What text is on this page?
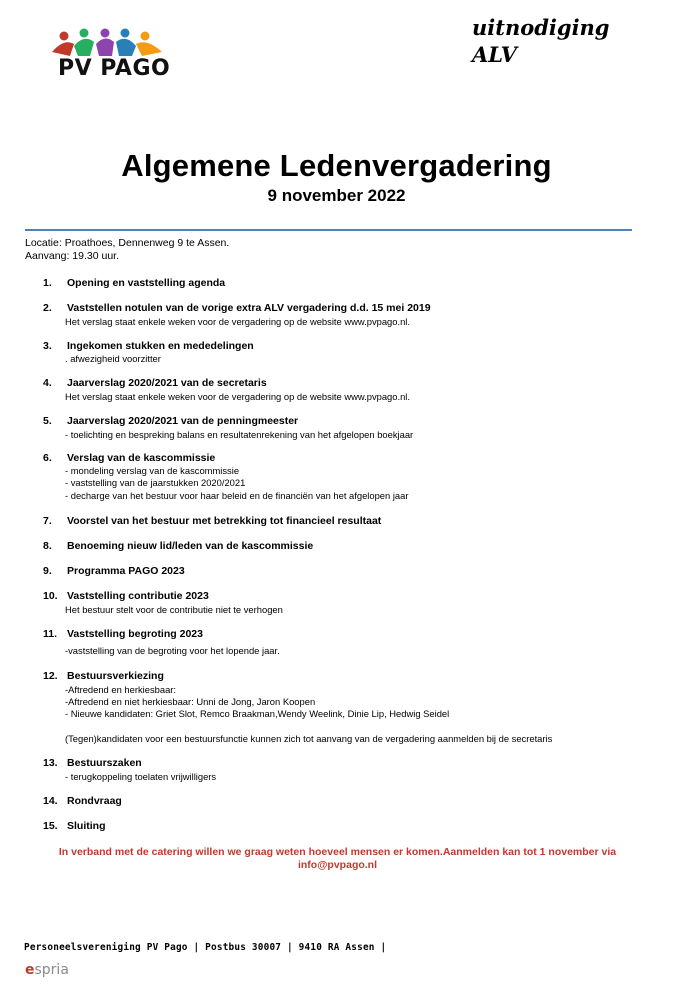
PV PAGO
uitnodiging
ALV
Algemene Ledenvergadering
9 november 2022
Locatie: Proathoes, Dennenweg 9 te Assen.
Aanvang: 19.30 uur.
1.	Opening en vaststelling agenda
2.	Vaststellen notulen van de vorige extra ALV vergadering d.d. 15 mei 2019
Het verslag staat enkele weken voor de vergadering op de website www.pvpago.nl.
3.	Ingekomen stukken en mededelingen
. afwezigheid voorzitter
4.	Jaarverslag 2020/2021 van de secretaris
Het verslag staat enkele weken voor de vergadering op de website www.pvpago.nl.
5.	Jaarverslag 2020/2021 van de penningmeester
- toelichting en bespreking balans en resultatenrekening van het afgelopen boekjaar
6.	Verslag van de kascommissie
- mondeling verslag van de kascommissie
- vaststelling van de jaarstukken 2020/2021
- decharge van het bestuur voor haar beleid en de financiën van het afgelopen jaar
7.	Voorstel van het bestuur met betrekking tot financieel resultaat
8.	Benoeming nieuw lid/leden van de kascommissie
9.	Programma PAGO 2023
10. Vaststelling contributie 2023
Het bestuur stelt voor de contributie niet te verhogen
11. Vaststelling begroting 2023
-vaststelling van de begroting voor het lopende jaar.
12. Bestuursverkiezing
-Aftredend en herkiesbaar:
-Aftredend en niet herkiesbaar: Unni de Jong, Jaron Koopen
- Nieuwe kandidaten: Griet Slot, Remco Braakman,Wendy Weelink, Dinie Lip, Hedwig Seidel
(Tegen)kandidaten voor een bestuursfunctie kunnen zich tot aanvang van de vergadering aanmelden bij de secretaris
13. Bestuurszaken
- terugkoppeling toelaten vrijwilligers
14. Rondvraag
15. Sluiting
In verband met de catering willen we graag weten hoeveel mensen er komen.Aanmelden kan tot 1 november via
info@pvpago.nl
Personeelsvereniging PV Pago | Postbus 30007 | 9410 RA Assen |
espria
